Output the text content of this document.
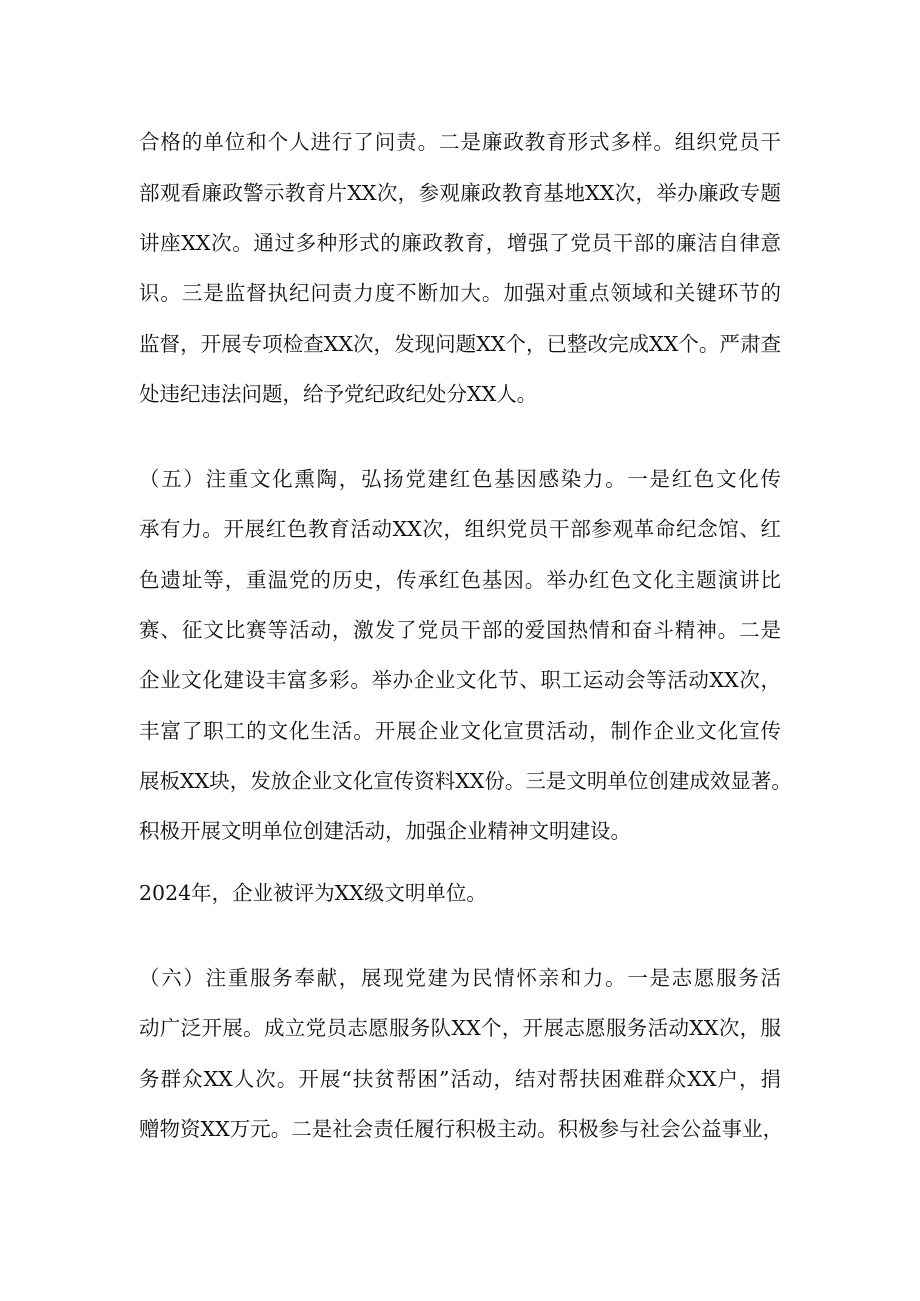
合格的单位和个人进行了问责。二是廉政教育形式多样。组织党员干
部观看廉政警示教育片XX次，参观廉政教育基地XX次，举办廉政专题
讲座XX次。通过多种形式的廉政教育，增强了党员干部的廉洁自律意
识。三是监督执纪问责力度不断加大。加强对重点领域和关键环节的
监督，开展专项检查XX次，发现问题XX个，已整改完成XX个。严肃查
处违纪违法问题，给予党纪政纪处分XX人。
（五）注重文化熏陶，弘扬党建红色基因感染力。一是红色文化传
承有力。开展红色教育活动XX次，组织党员干部参观革命纪念馆、红
色遗址等，重温党的历史，传承红色基因。举办红色文化主题演讲比
赛、征文比赛等活动，激发了党员干部的爱国热情和奋斗精神。二是
企业文化建设丰富多彩。举办企业文化节、职工运动会等活动XX次，
丰富了职工的文化生活。开展企业文化宣贯活动，制作企业文化宣传
展板XX块，发放企业文化宣传资料XX份。三是文明单位创建成效显著。
积极开展文明单位创建活动，加强企业精神文明建设。
2024年，企业被评为XX级文明单位。
（六）注重服务奉献，展现党建为民情怀亲和力。一是志愿服务活
动广泛开展。成立党员志愿服务队XX个，开展志愿服务活动XX次，服
务群众XX人次。开展“扶贫帮困”活动，结对帮扶困难群众XX户，捐
赠物资XX万元。二是社会责任履行积极主动。积极参与社会公益事业，
